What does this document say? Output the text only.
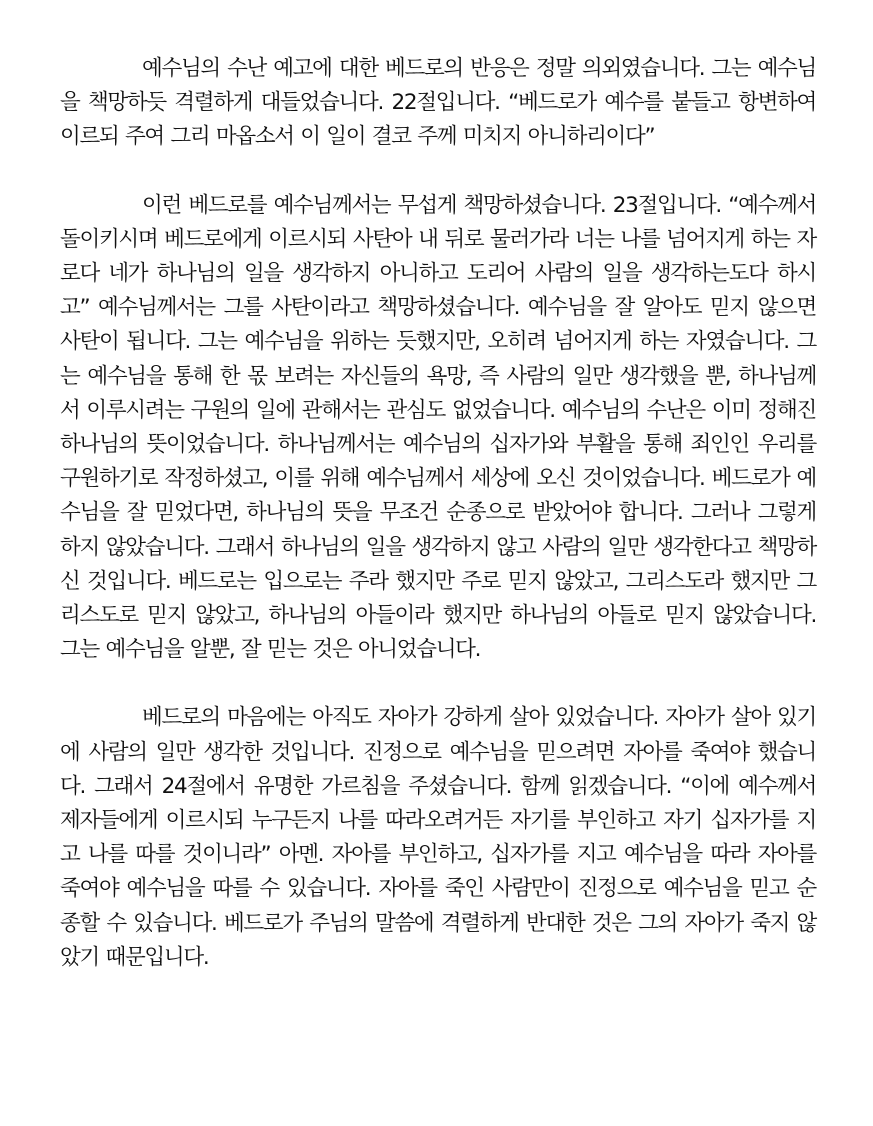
예수님의 수난 예고에 대한 베드로의 반응은 정말 의외였습니다. 그는 예수님을 책망하듯 격렬하게 대들었습니다. 22절입니다. “베드로가 예수를 붙들고 항변하여 이르되 주여 그리 마옵소서 이 일이 결코 주께 미치지 아니하리이다”

이런 베드로를 예수님께서는 무섭게 책망하셨습니다. 23절입니다. “예수께서 돌이키시며 베드로에게 이르시되 사탄아 내 뒤로 물러가라 너는 나를 넘어지게 하는 자로다 네가 하나님의 일을 생각하지 아니하고 도리어 사람의 일을 생각하는도다 하시고” 예수님께서는 그를 사탄이라고 책망하셨습니다. 예수님을 잘 알아도 믿지 않으면 사탄이 됩니다. 그는 예수님을 위하는 듯했지만, 오히려 넘어지게 하는 자였습니다. 그는 예수님을 통해 한 몫 보려는 자신들의 욕망, 즉 사람의 일만 생각했을 뿐, 하나님께서 이루시려는 구원의 일에 관해서는 관심도 없었습니다. 예수님의 수난은 이미 정해진 하나님의 뜻이었습니다. 하나님께서는 예수님의 십자가와 부활을 통해 죄인인 우리를 구원하기로 작정하셨고, 이를 위해 예수님께서 세상에 오신 것이었습니다. 베드로가 예수님을 잘 믿었다면, 하나님의 뜻을 무조건 순종으로 받았어야 합니다. 그러나 그렇게 하지 않았습니다. 그래서 하나님의 일을 생각하지 않고 사람의 일만 생각한다고 책망하신 것입니다. 베드로는 입으로는 주라 했지만 주로 믿지 않았고, 그리스도라 했지만 그리스도로 믿지 않았고, 하나님의 아들이라 했지만 하나님의 아들로 믿지 않았습니다. 그는 예수님을 알뿐, 잘 믿는 것은 아니었습니다.

베드로의 마음에는 아직도 자아가 강하게 살아 있었습니다. 자아가 살아 있기에 사람의 일만 생각한 것입니다. 진정으로 예수님을 믿으려면 자아를 죽여야 했습니다. 그래서 24절에서 유명한 가르침을 주셨습니다. 함께 읽겠습니다. “이에 예수께서 제자들에게 이르시되 누구든지 나를 따라오려거든 자기를 부인하고 자기 십자가를 지고 나를 따를 것이니라” 아멘. 자아를 부인하고, 십자가를 지고 예수님을 따라 자아를 죽여야 예수님을 따를 수 있습니다. 자아를 죽인 사람만이 진정으로 예수님을 믿고 순종할 수 있습니다. 베드로가 주님의 말씀에 격렬하게 반대한 것은 그의 자아가 죽지 않았기 때문입니다.
